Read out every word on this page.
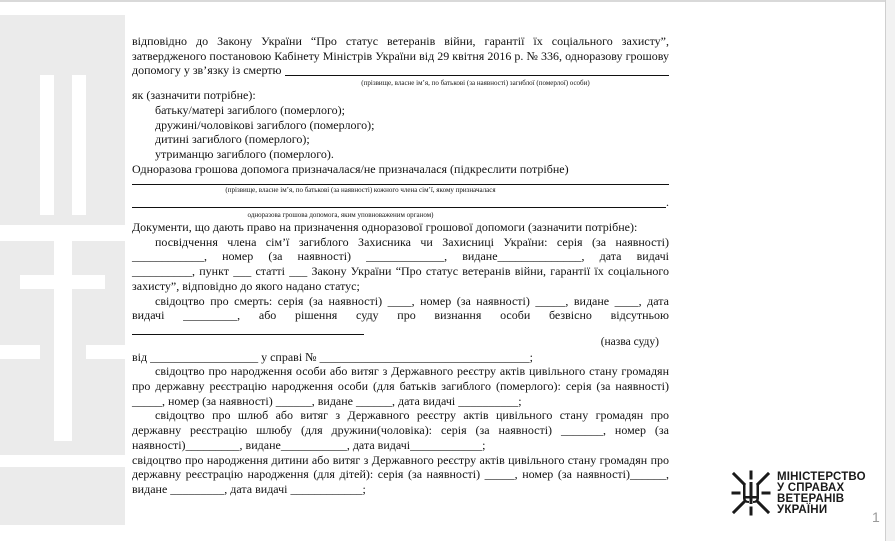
відповідно до Закону України “Про статус ветеранів війни, гарантії їх соціального захисту”,
затвердженого постановою Кабінету Міністрів України від 29 квітня 2016 р. № 336, одноразову грошову
допомогу у зв’язку із смертю
(прізвище, власне ім’я, по батькові (за наявності) загиблої (померлої) особи)
як (зазначити потрібне):
батьку/матері загиблого (померлого);
дружині/чоловікові загиблого (померлого);
дитині загиблого (померлого);
утриманцю загиблого (померлого).
Одноразова грошова допомога призначалася/не призначалася (підкреслити потрібне)
(прізвище, власне ім’я, по батькові (за наявності) кожного члена сім’ї, якому призначалася
.
одноразова грошова допомога, яким уповноваженим органом)
Документи, що дають право на призначення одноразової грошової допомоги (зазначити потрібне):
посвідчення члена сім’ї загиблого Захисника чи Захисниці України: серія (за наявності)
____________, номер (за наявності) _____________, видане______________, дата видачі
__________, пункт ___ статті ___ Закону України “Про статус ветеранів війни, гарантії їх соціального
захисту”, відповідно до якого надано статус;
свідоцтво про смерть: серія (за наявності) ____, номер (за наявності) _____, видане ____, дата
видачі _________, або рішення суду про визнання особи безвісно відсутньою
(назва суду)
від __________________ у справі № ___________________________________;
свідоцтво про народження особи або витяг з Державного реєстру актів цивільного стану громадян
про державну реєстрацію народження особи (для батьків загиблого (померлого): серія (за наявності)
_____, номер (за наявності) ______, видане ______, дата видачі __________;
свідоцтво про шлюб або витяг з Державного реєстру актів цивільного стану громадян про
державну реєстрацію шлюбу (для дружини(чоловіка): серія (за наявності) _______, номер (за
наявності)_________, видане___________, дата видачі____________;
свідоцтво про народження дитини або витяг з Державного реєстру актів цивільного стану громадян про
державну реєстрацію народження (для дітей): серія (за наявності) _____, номер (за наявності)______,
видане _________, дата видачі ____________;
МІНІСТЕРСТВО
У СПРАВАХ
ВЕТЕРАНІВ
УКРАЇНИ	1
